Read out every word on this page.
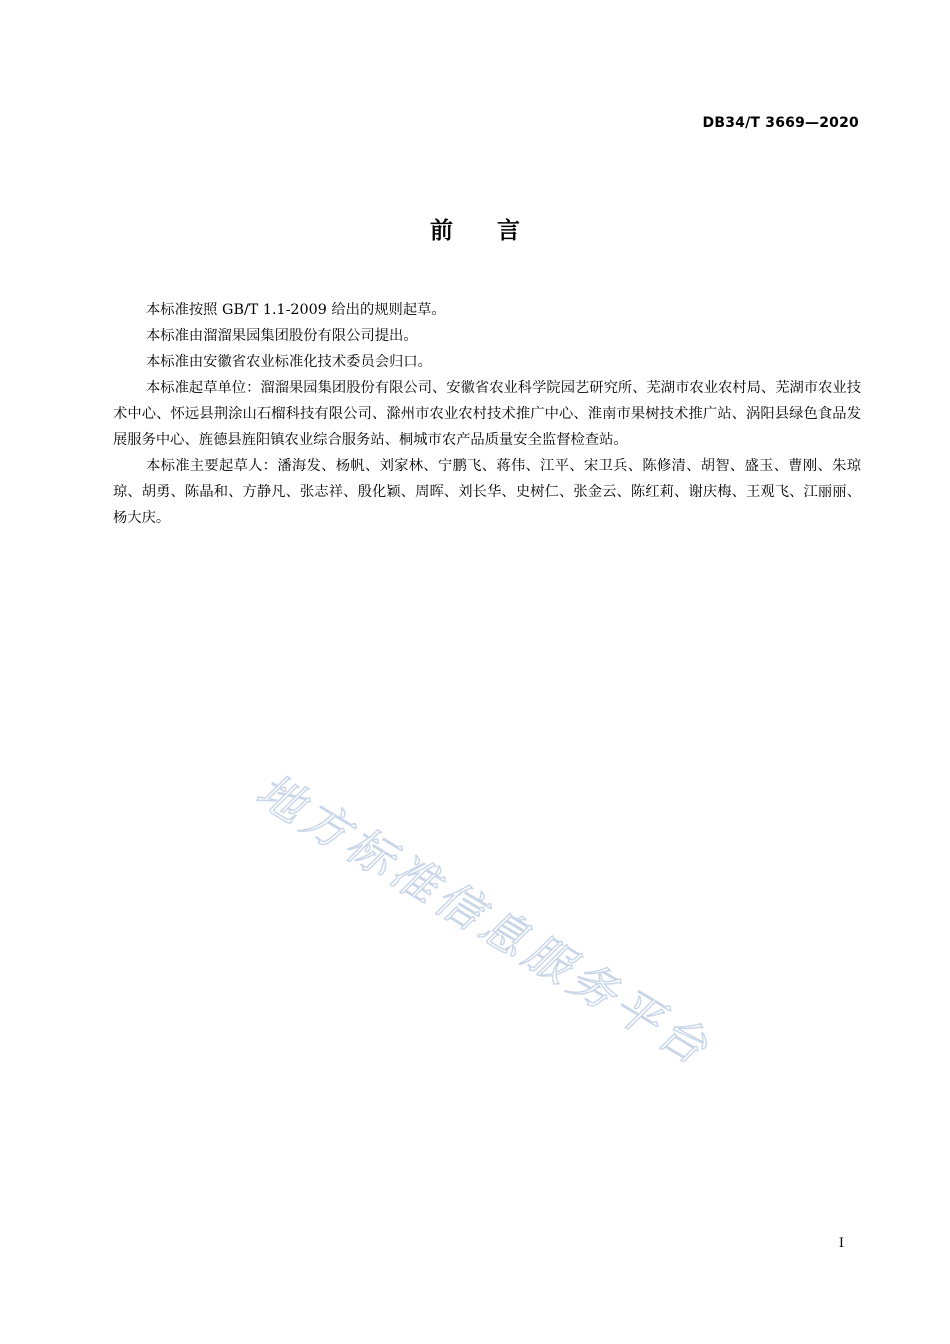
DB34/T 3669—2020
前 言

本标准按照 GB/T 1.1-2009 给出的规则起草。

本标准由溜溜果园集团股份有限公司提出。

本标准由安徽省农业标准化技术委员会归口。

本标准起草单位：溜溜果园集团股份有限公司、安徽省农业科学院园艺研究所、芜湖市农业农村局、芜湖市农业技术中心、怀远县荆涂山石榴科技有限公司、滁州市农业农村技术推广中心、淮南市果树技术推广站、涡阳县绿色食品发展服务中心、旌德县旌阳镇农业综合服务站、桐城市农产品质量安全监督检查站。

本标准主要起草人：潘海发、杨帆、刘家林、宁鹏飞、蒋伟、江平、宋卫兵、陈修清、胡智、盛玉、曹刚、朱琼琼、胡勇、陈晶和、方静凡、张志祥、殷化颖、周晖、刘长华、史树仁、张金云、陈红莉、谢庆梅、王观飞、江丽丽、杨大庆。

地方标准信息服务平台
I
